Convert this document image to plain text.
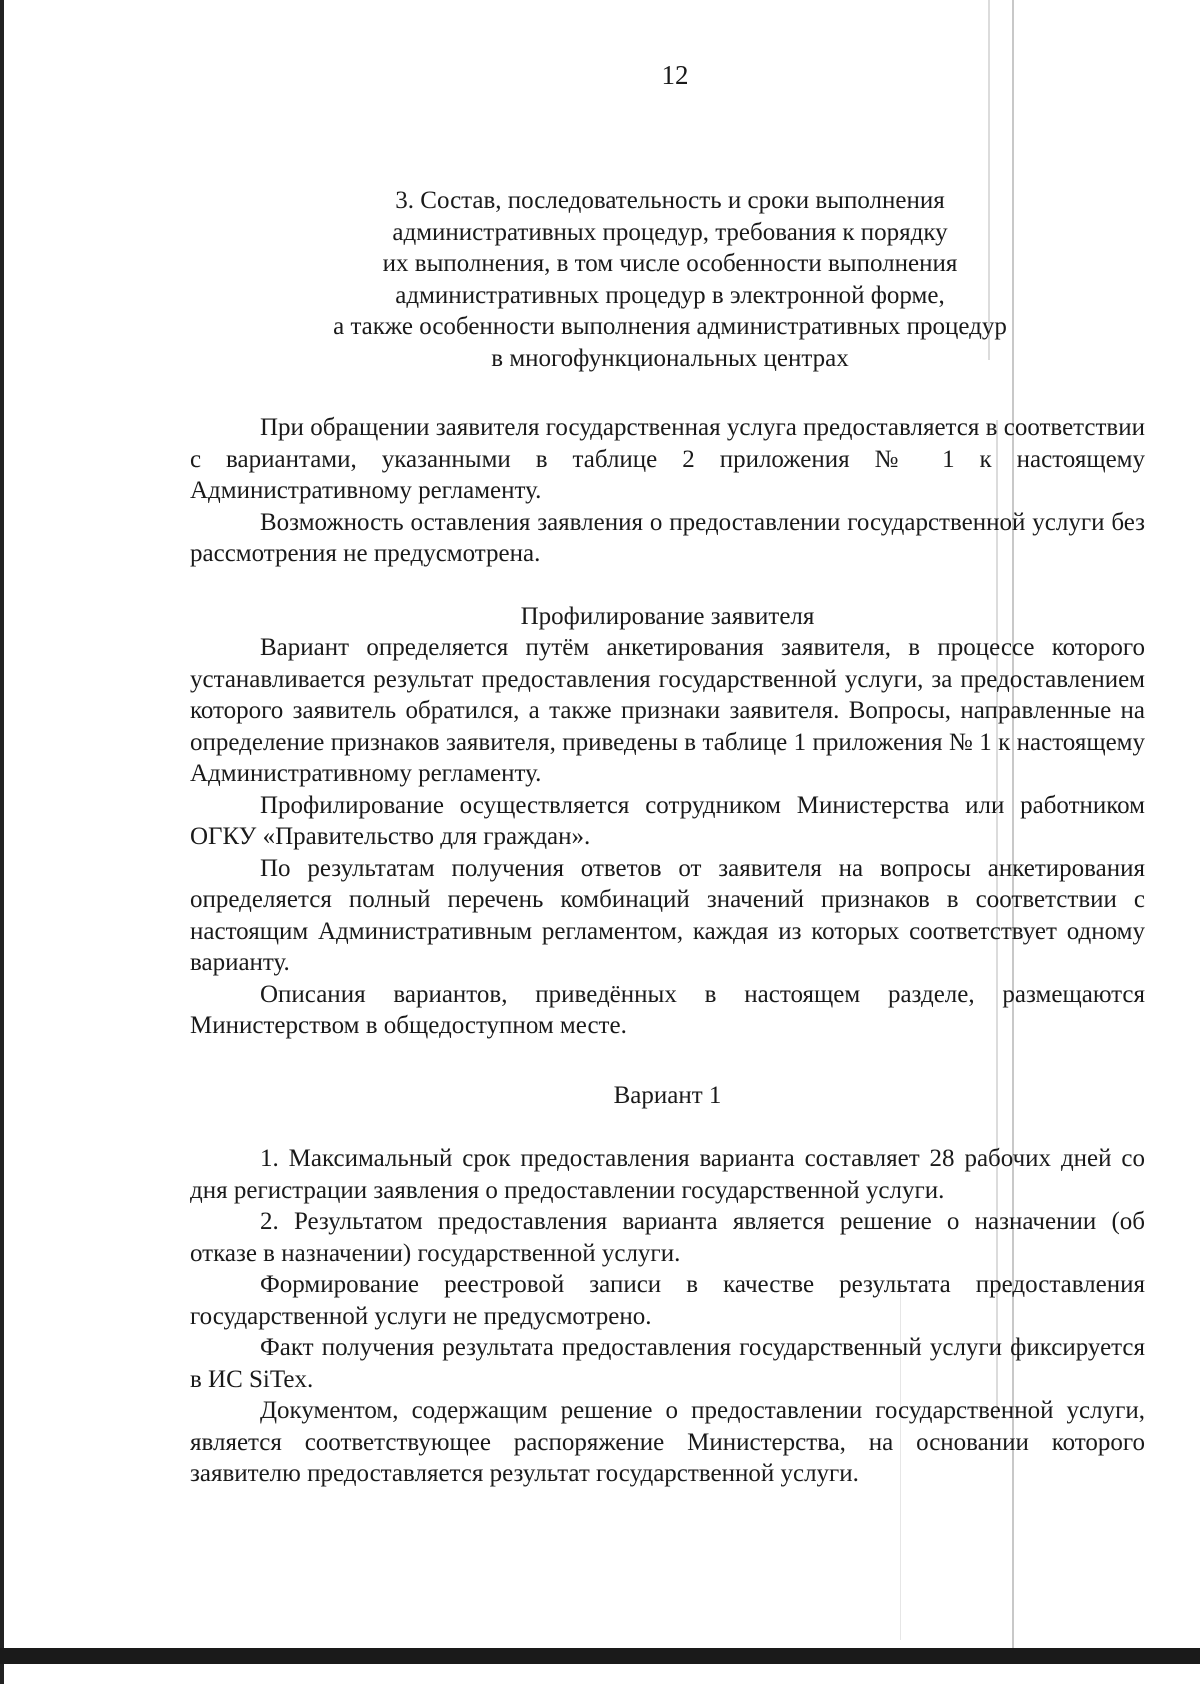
12
3. Состав, последовательность и сроки выполнения
административных процедур, требования к порядку
их выполнения, в том числе особенности выполнения
административных процедур в электронной форме,
а также особенности выполнения административных процедур
в многофункциональных центрах

При обращении заявителя государственная услуга предоставляется в соответствии с вариантами, указанными в таблице 2 приложения № 1 к настоящему Административному регламенту.

Возможность оставления заявления о предоставлении государственной услуги без рассмотрения не предусмотрена.

Профилирование заявителя

Вариант определяется путём анкетирования заявителя, в процессе которого устанавливается результат предоставления государственной услуги, за предоставлением которого заявитель обратился, а также признаки заявителя. Вопросы, направленные на определение признаков заявителя, приведены в таблице 1 приложения № 1 к настоящему Административному регламенту.

Профилирование осуществляется сотрудником Министерства или работником ОГКУ «Правительство для граждан».

По результатам получения ответов от заявителя на вопросы анкетирования определяется полный перечень комбинаций значений признаков в соответствии с настоящим Административным регламентом, каждая из которых соответствует одному варианту.

Описания вариантов, приведённых в настоящем разделе, размещаются Министерством в общедоступном месте.

Вариант 1

1. Максимальный срок предоставления варианта составляет 28 рабочих дней со дня регистрации заявления о предоставлении государственной услуги.

2. Результатом предоставления варианта является решение о назначении (об отказе в назначении) государственной услуги.

Формирование реестровой записи в качестве результата предоставления государственной услуги не предусмотрено.

Факт получения результата предоставления государственный услуги фиксируется в ИС SiTex.

Документом, содержащим решение о предоставлении государственной услуги, является соответствующее распоряжение Министерства, на основании которого заявителю предоставляется результат государственной услуги.
